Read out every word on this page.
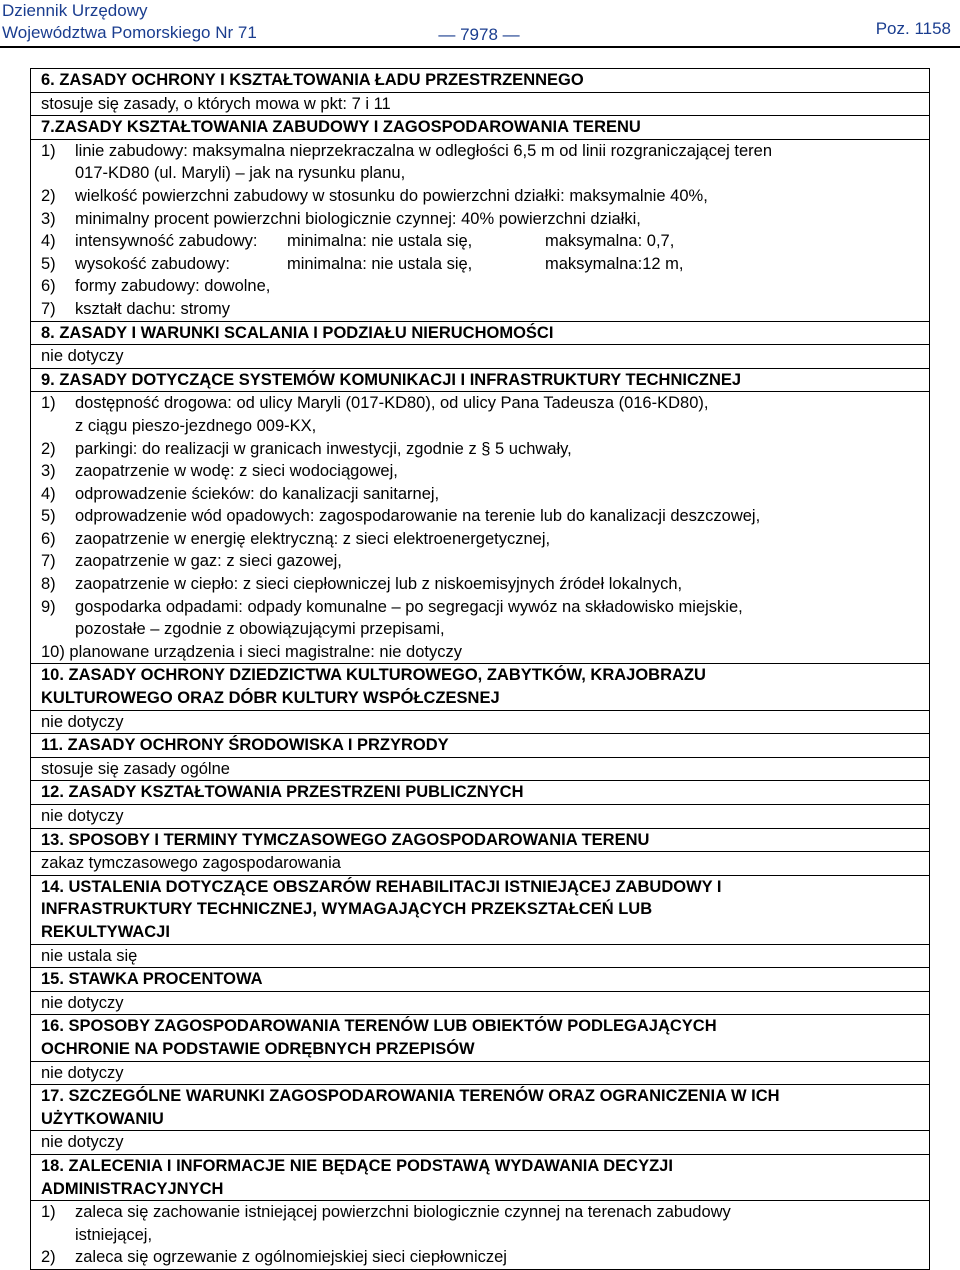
Dziennik Urzędowy
Województwa Pomorskiego Nr 71	— 7978 —	Poz. 1158
6. ZASADY OCHRONY I KSZTAŁTOWANIA ŁADU PRZESTRZENNEGO
stosuje się zasady, o których mowa w pkt: 7 i 11
7.ZASADY KSZTAŁTOWANIA ZABUDOWY I ZAGOSPODAROWANIA TERENU
1)	linie zabudowy: maksymalna nieprzekraczalna w odległości 6,5 m od linii rozgraniczającej teren
017-KD80 (ul. Maryli) – jak na rysunku planu,
2)	wielkość powierzchni zabudowy w stosunku do powierzchni działki: maksymalnie 40%,
3)	minimalny procent powierzchni biologicznie czynnej: 40% powierzchni działki,
4)	intensywność zabudowy: minimalna: nie ustala się,	maksymalna: 0,7,
5)	wysokość zabudowy:	minimalna: nie ustala się,	maksymalna:12 m,
6)	formy zabudowy: dowolne,
7)	kształt dachu: stromy
8. ZASADY I WARUNKI SCALANIA I PODZIAŁU NIERUCHOMOŚCI
nie dotyczy
9. ZASADY DOTYCZĄCE SYSTEMÓW KOMUNIKACJI I INFRASTRUKTURY TECHNICZNEJ
1)	dostępność drogowa: od ulicy Maryli (017-KD80), od ulicy Pana Tadeusza (016-KD80),
z ciągu pieszo-jezdnego 009-KX,
2)	parkingi: do realizacji w granicach inwestycji, zgodnie z § 5 uchwały,
3)	zaopatrzenie w wodę: z sieci wodociągowej,
4)	odprowadzenie ścieków: do kanalizacji sanitarnej,
5)	odprowadzenie wód opadowych: zagospodarowanie na terenie lub do kanalizacji deszczowej,
6)	zaopatrzenie w energię elektryczną: z sieci elektroenergetycznej,
7)	zaopatrzenie w gaz: z sieci gazowej,
8)	zaopatrzenie w ciepło: z sieci ciepłowniczej lub z niskoemisyjnych źródeł lokalnych,
9)	gospodarka odpadami: odpady komunalne – po segregacji wywóz na składowisko miejskie,
pozostałe – zgodnie z obowiązującymi przepisami,
10) planowane urządzenia i sieci magistralne: nie dotyczy
10. ZASADY OCHRONY DZIEDZICTWA KULTUROWEGO, ZABYTKÓW, KRAJOBRAZU
KULTUROWEGO ORAZ DÓBR KULTURY WSPÓŁCZESNEJ
nie dotyczy
11. ZASADY OCHRONY ŚRODOWISKA I PRZYRODY
stosuje się zasady ogólne
12. ZASADY KSZTAŁTOWANIA PRZESTRZENI PUBLICZNYCH
nie dotyczy
13. SPOSOBY I TERMINY TYMCZASOWEGO ZAGOSPODAROWANIA TERENU
zakaz tymczasowego zagospodarowania
14. USTALENIA DOTYCZĄCE OBSZARÓW REHABILITACJI ISTNIEJĄCEJ ZABUDOWY I
INFRASTRUKTURY TECHNICZNEJ, WYMAGAJĄCYCH PRZEKSZTAŁCEŃ LUB
REKULTYWACJI
nie ustala się
15. STAWKA PROCENTOWA
nie dotyczy
16. SPOSOBY ZAGOSPODAROWANIA TERENÓW LUB OBIEKTÓW PODLEGAJĄCYCH
OCHRONIE NA PODSTAWIE ODRĘBNYCH PRZEPISÓW
nie dotyczy
17. SZCZEGÓLNE WARUNKI ZAGOSPODAROWANIA TERENÓW ORAZ OGRANICZENIA W ICH
UŻYTKOWANIU
nie dotyczy
18. ZALECENIA I INFORMACJE NIE BĘDĄCE PODSTAWĄ WYDAWANIA DECYZJI
ADMINISTRACYJNYCH
1)	zaleca się zachowanie istniejącej powierzchni biologicznie czynnej na terenach zabudowy
istniejącej,
2)	zaleca się ogrzewanie z ogólnomiejskiej sieci ciepłowniczej
